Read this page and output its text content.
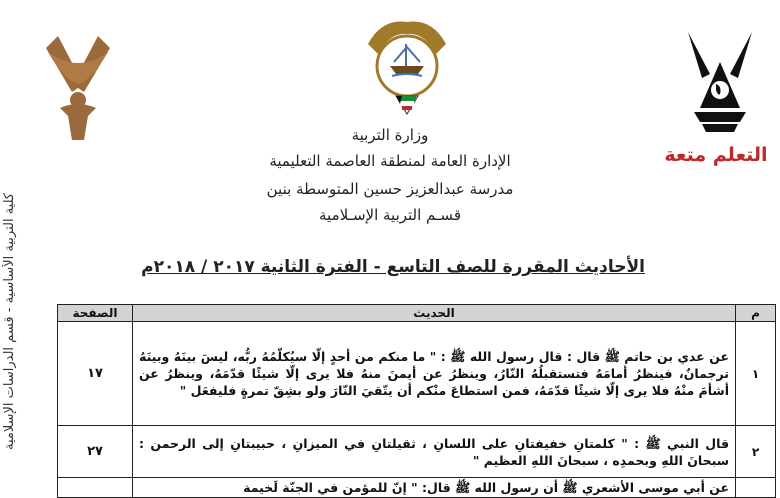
كلية التربية الأساسية - قسم الدراسات الإسلامية
التعلم متعة
وزارة التربية
الإدارة العامة لمنطقة العاصمة التعليمية
مدرسة عبدالعزيز حسين المتوسطة بنين
قسـم التربية الإسـلامية
الأحاديث المقررة للصف التاسع - الفترة الثانية ٢٠١٧ / ٢٠١٨م
م	الحديث	الصفحة
١	عن عدي بن حاتم ﷺ قال : قال رسول الله ﷺ : " ما منكم من أحدٍ إلّا سيُكلّمُهُ ربُّه، ليسَ بينَهُ وبينَهُ ترجمانٌ، فينظرُ أمامَهُ فتستقبلُهُ النّارُ، وينظرُ عن أيمنَ منهُ فلا يرى إلّا شيئًا قدّمَهُ، وينظرُ عن أشأمَ منْهُ فلا يرى إلّا شيئًا قدّمَهُ، فمن استطاعَ منْكم أن يتّقيَ النّارَ ولو بشِقّ تمرةٍ فليفعَل "	١٧
٢	قال النبي ﷺ : " كلمتانِ خفيفتانِ على اللسانِ ، ثقيلتانِ في الميزانِ ، حبيبتانِ إلى الرحمن : سبحانَ اللهِ وبحمدِه ، سبحانَ اللهِ العظيم "	٢٧
	عن أبي موسى الأشعري ﷺ أن رسول الله ﷺ قال: " إنّ للمؤمن في الجنّة لَخيمة	
